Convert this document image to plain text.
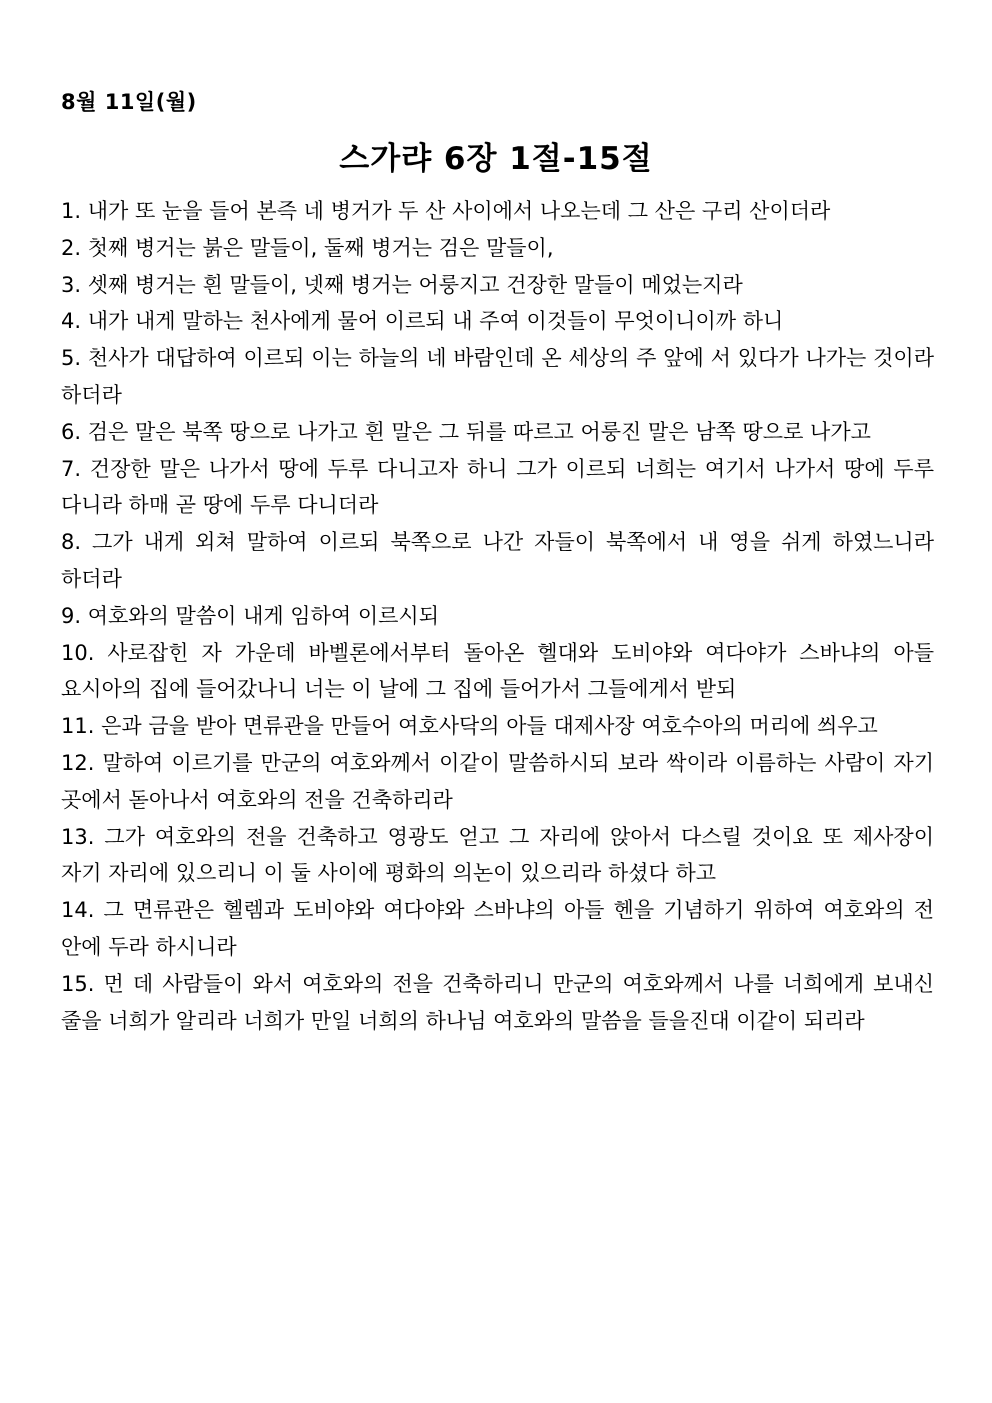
8월 11일(월)
스가랴 6장 1절-15절
1. 내가 또 눈을 들어 본즉 네 병거가 두 산 사이에서 나오는데 그 산은 구리 산이더라
2. 첫째 병거는 붉은 말들이, 둘째 병거는 검은 말들이,
3. 셋째 병거는 흰 말들이, 넷째 병거는 어룽지고 건장한 말들이 메었는지라
4. 내가 내게 말하는 천사에게 물어 이르되 내 주여 이것들이 무엇이니이까 하니
5. 천사가 대답하여 이르되 이는 하늘의 네 바람인데 온 세상의 주 앞에 서 있다가 나가는 것이라 하더라
6. 검은 말은 북쪽 땅으로 나가고 흰 말은 그 뒤를 따르고 어룽진 말은 남쪽 땅으로 나가고
7. 건장한 말은 나가서 땅에 두루 다니고자 하니 그가 이르되 너희는 여기서 나가서 땅에 두루 다니라 하매 곧 땅에 두루 다니더라
8. 그가 내게 외쳐 말하여 이르되 북쪽으로 나간 자들이 북쪽에서 내 영을 쉬게 하였느니라 하더라
9. 여호와의 말씀이 내게 임하여 이르시되
10. 사로잡힌 자 가운데 바벨론에서부터 돌아온 헬대와 도비야와 여다야가 스바냐의 아들 요시아의 집에 들어갔나니 너는 이 날에 그 집에 들어가서 그들에게서 받되
11. 은과 금을 받아 면류관을 만들어 여호사닥의 아들 대제사장 여호수아의 머리에 씌우고
12. 말하여 이르기를 만군의 여호와께서 이같이 말씀하시되 보라 싹이라 이름하는 사람이 자기 곳에서 돋아나서 여호와의 전을 건축하리라
13. 그가 여호와의 전을 건축하고 영광도 얻고 그 자리에 앉아서 다스릴 것이요 또 제사장이 자기 자리에 있으리니 이 둘 사이에 평화의 의논이 있으리라 하셨다 하고
14. 그 면류관은 헬렘과 도비야와 여다야와 스바냐의 아들 헨을 기념하기 위하여 여호와의 전 안에 두라 하시니라
15. 먼 데 사람들이 와서 여호와의 전을 건축하리니 만군의 여호와께서 나를 너희에게 보내신 줄을 너희가 알리라 너희가 만일 너희의 하나님 여호와의 말씀을 들을진대 이같이 되리라
